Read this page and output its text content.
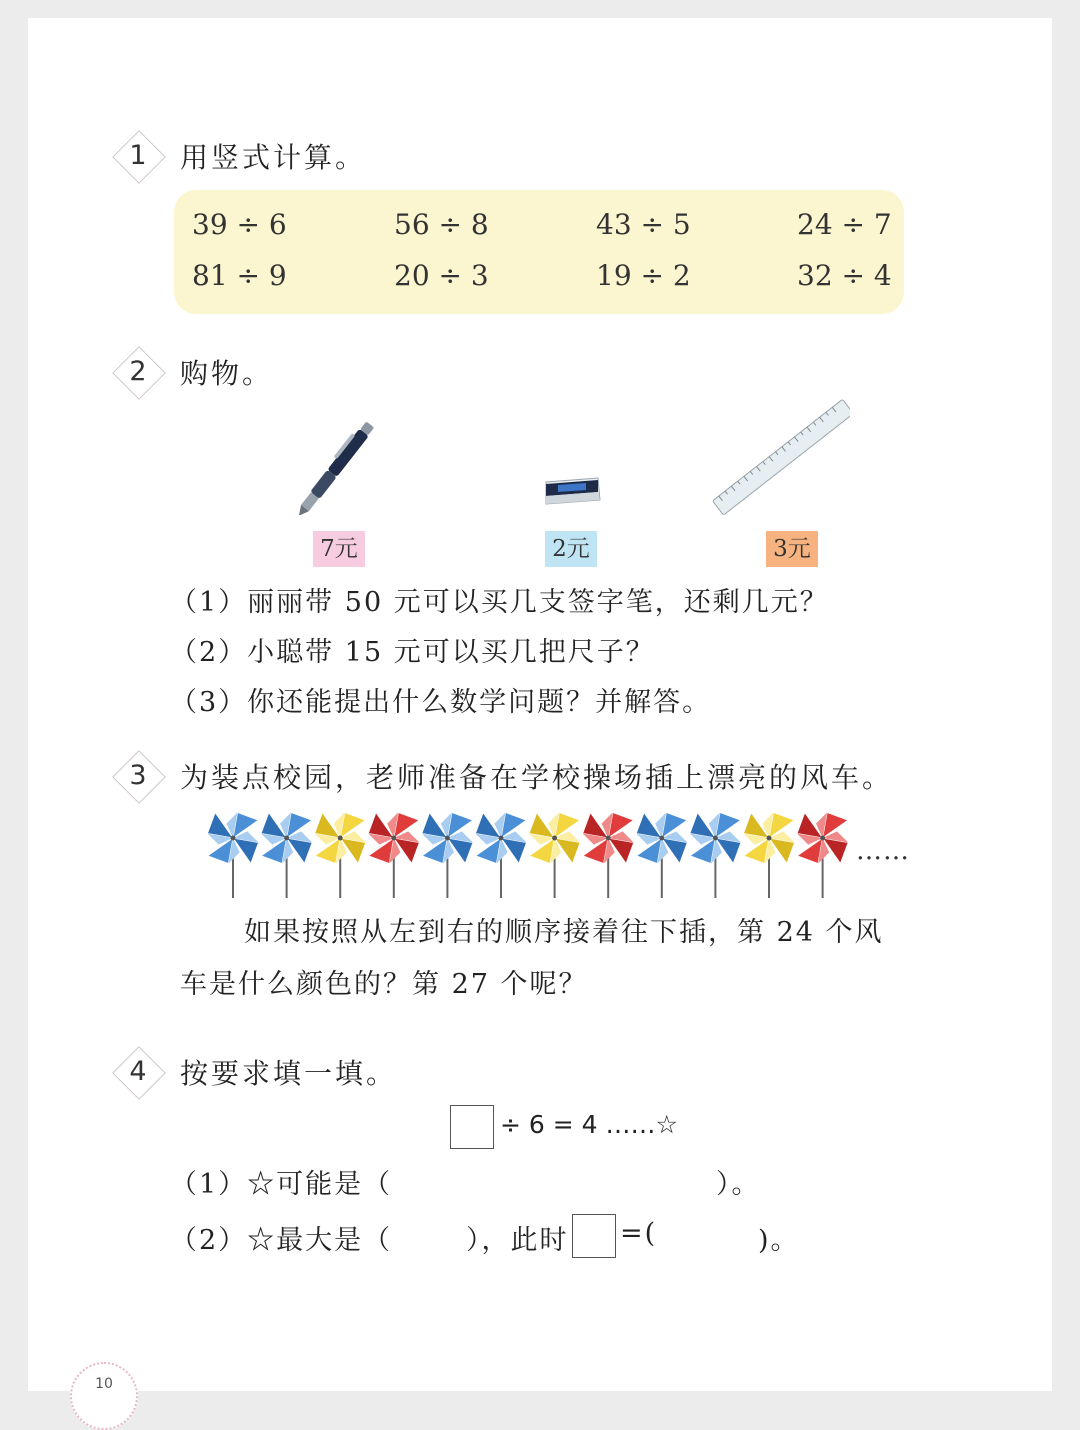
1	用竖式计算。
39 ÷ 6	56 ÷ 8	43 ÷ 5	24 ÷ 7
81 ÷ 9	20 ÷ 3	19 ÷ 2	32 ÷ 4
2	购物。
7元	2元	3元
（1）丽丽带 50 元可以买几支签字笔，还剩几元？
（2）小聪带 15 元可以买几把尺子？
（3）你还能提出什么数学问题？并解答。
3	为装点校园，老师准备在学校操场插上漂亮的风车。
……
如果按照从左到右的顺序接着往下插，第 24 个风
车是什么颜色的？第 27 个呢？
4	按要求填一填。
÷ 6 = 4 ……☆
（1）☆可能是（	）。
（2）☆最大是（	），此时 =(	)。
10
